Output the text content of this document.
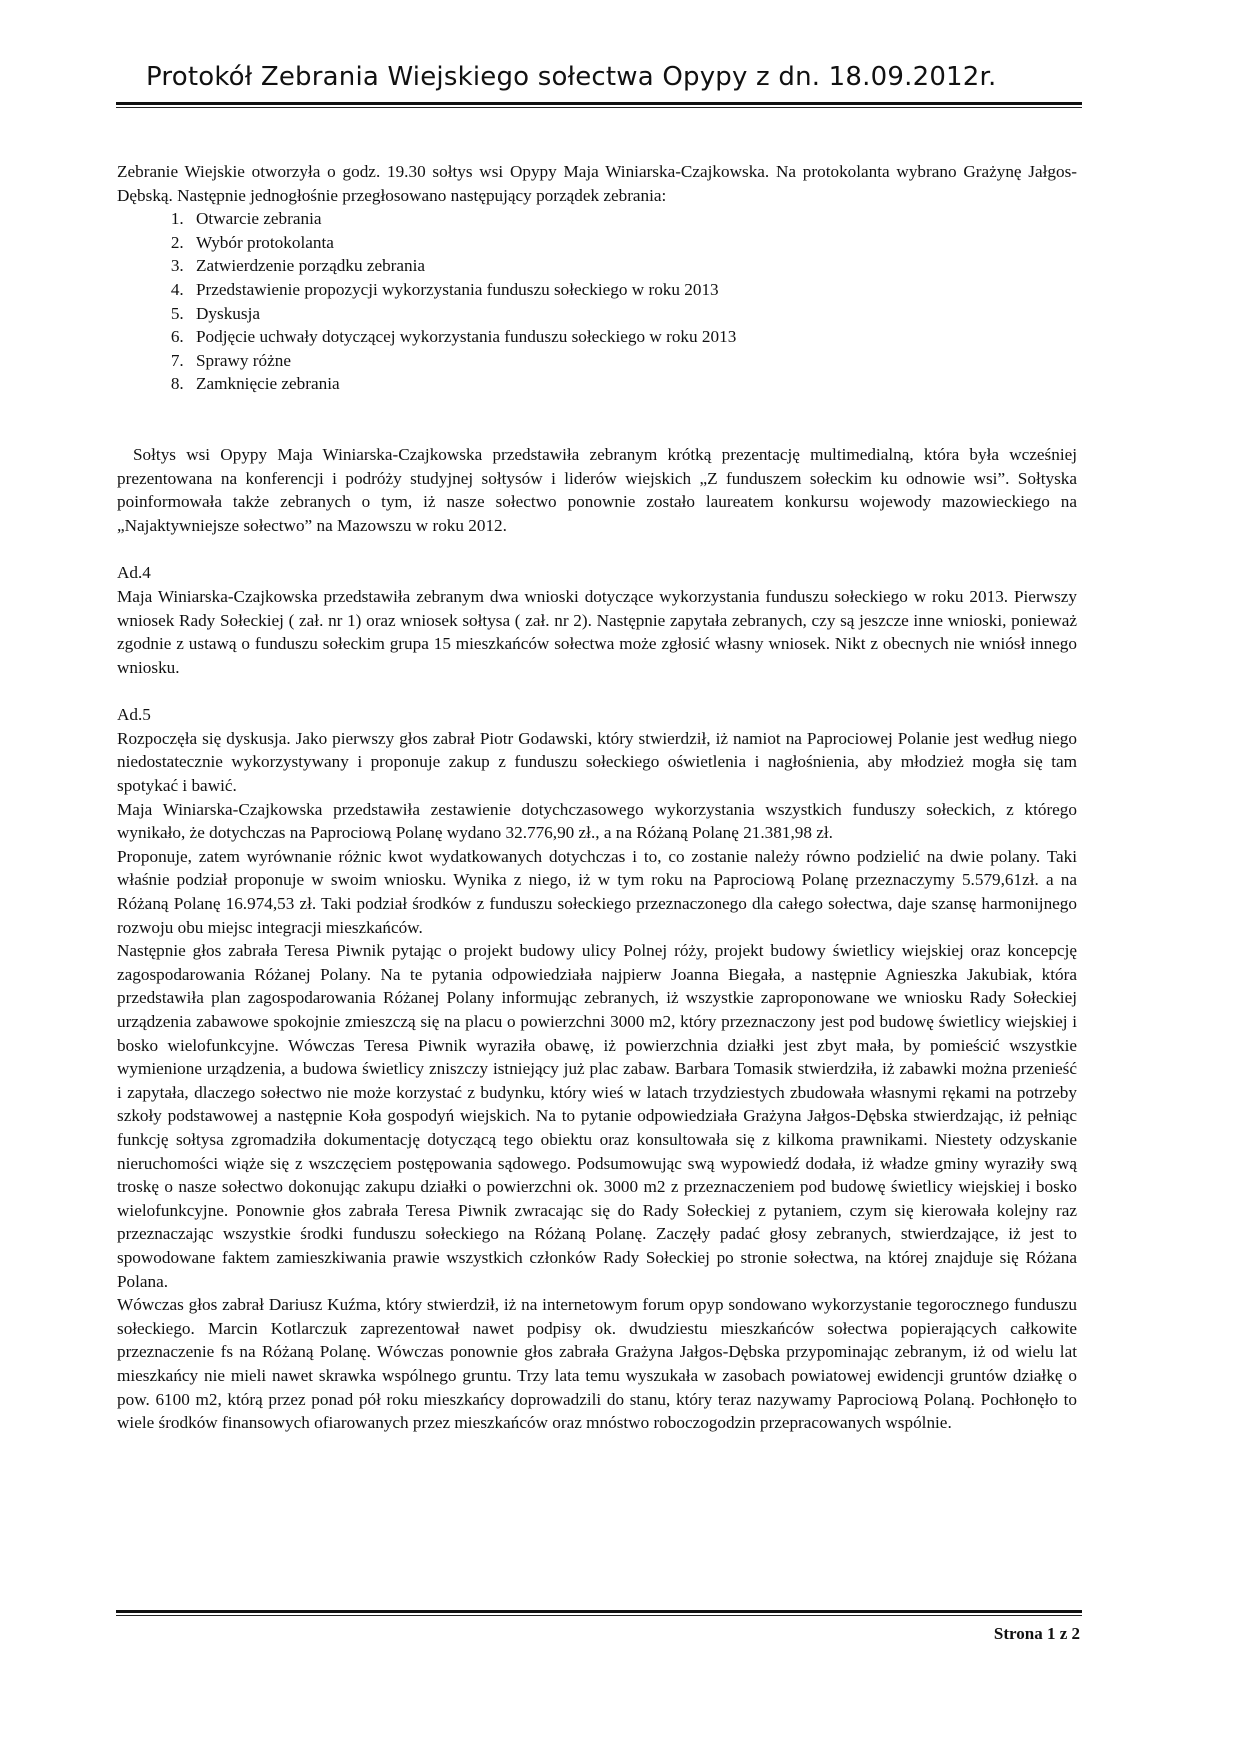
Protokół Zebrania Wiejskiego sołectwa Opypy z dn. 18.09.2012r.

Zebranie Wiejskie otworzyła o godz. 19.30 sołtys wsi Opypy Maja Winiarska-Czajkowska. Na protokolanta wybrano Grażynę Jałgos-Dębską. Następnie jednogłośnie przegłosowano następujący porządek zebrania:

1. Otwarcie zebrania
2. Wybór protokolanta
3. Zatwierdzenie porządku zebrania
4. Przedstawienie propozycji wykorzystania funduszu sołeckiego w roku 2013
5. Dyskusja
6. Podjęcie uchwały dotyczącej wykorzystania funduszu sołeckiego w roku 2013
7. Sprawy różne
8. Zamknięcie zebrania

Sołtys wsi Opypy Maja Winiarska-Czajkowska przedstawiła zebranym krótką prezentację multimedialną, która była wcześniej prezentowana na konferencji i podróży studyjnej sołtysów i liderów wiejskich „Z funduszem sołeckim ku odnowie wsi”. Sołtyska poinformowała także zebranych o tym, iż nasze sołectwo ponownie zostało laureatem konkursu wojewody mazowieckiego na „Najaktywniejsze sołectwo” na Mazowszu w roku 2012.

Ad.4

Maja Winiarska-Czajkowska przedstawiła zebranym dwa wnioski dotyczące wykorzystania funduszu sołeckiego w roku 2013. Pierwszy wniosek Rady Sołeckiej ( zał. nr 1) oraz wniosek sołtysa ( zał. nr 2). Następnie zapytała zebranych, czy są jeszcze inne wnioski, ponieważ zgodnie z ustawą o funduszu sołeckim grupa 15 mieszkańców sołectwa może zgłosić własny wniosek. Nikt z obecnych nie wniósł innego wniosku.

Ad.5

Rozpoczęła się dyskusja. Jako pierwszy głos zabrał Piotr Godawski, który stwierdził, iż namiot na Paprociowej Polanie jest według niego niedostatecznie wykorzystywany i proponuje zakup z funduszu sołeckiego oświetlenia i nagłośnienia, aby młodzież mogła się tam spotykać i bawić.

Maja Winiarska-Czajkowska przedstawiła zestawienie dotychczasowego wykorzystania wszystkich funduszy sołeckich, z którego wynikało, że dotychczas na Paprociową Polanę wydano 32.776,90 zł., a na Różaną Polanę 21.381,98 zł.

Proponuje, zatem wyrównanie różnic kwot wydatkowanych dotychczas i to, co zostanie należy równo podzielić na dwie polany. Taki właśnie podział proponuje w swoim wniosku. Wynika z niego, iż w tym roku na Paprociową Polanę przeznaczymy 5.579,61zł. a na Różaną Polanę 16.974,53 zł. Taki podział środków z funduszu sołeckiego przeznaczonego dla całego sołectwa, daje szansę harmonijnego rozwoju obu miejsc integracji mieszkańców.

Następnie głos zabrała Teresa Piwnik pytając o projekt budowy ulicy Polnej róży, projekt budowy świetlicy wiejskiej oraz koncepcję zagospodarowania Różanej Polany. Na te pytania odpowiedziała najpierw Joanna Biegała, a następnie Agnieszka Jakubiak, która przedstawiła plan zagospodarowania Różanej Polany informując zebranych, iż wszystkie zaproponowane we wniosku Rady Sołeckiej urządzenia zabawowe spokojnie zmieszczą się na placu o powierzchni 3000 m2, który przeznaczony jest pod budowę świetlicy wiejskiej i bosko wielofunkcyjne. Wówczas Teresa Piwnik wyraziła obawę, iż powierzchnia działki jest zbyt mała, by pomieścić wszystkie wymienione urządzenia, a budowa świetlicy zniszczy istniejący już plac zabaw. Barbara Tomasik stwierdziła, iż zabawki można przenieść i zapytała, dlaczego sołectwo nie może korzystać z budynku, który wieś w latach trzydziestych zbudowała własnymi rękami na potrzeby szkoły podstawowej a następnie Koła gospodyń wiejskich. Na to pytanie odpowiedziała Grażyna Jałgos-Dębska stwierdzając, iż pełniąc funkcję sołtysa zgromadziła dokumentację dotyczącą tego obiektu oraz konsultowała się z kilkoma prawnikami. Niestety odzyskanie nieruchomości wiąże się z wszczęciem postępowania sądowego. Podsumowując swą wypowiedź dodała, iż władze gminy wyraziły swą troskę o nasze sołectwo dokonując zakupu działki o powierzchni ok. 3000 m2 z przeznaczeniem pod budowę świetlicy wiejskiej i bosko wielofunkcyjne. Ponownie głos zabrała Teresa Piwnik zwracając się do Rady Sołeckiej z pytaniem, czym się kierowała kolejny raz przeznaczając wszystkie środki funduszu sołeckiego na Różaną Polanę. Zaczęły padać głosy zebranych, stwierdzające, iż jest to spowodowane faktem zamieszkiwania prawie wszystkich członków Rady Sołeckiej po stronie sołectwa, na której znajduje się Różana Polana.

Wówczas głos zabrał Dariusz Kuźma, który stwierdził, iż na internetowym forum opyp sondowano wykorzystanie tegorocznego funduszu sołeckiego. Marcin Kotlarczuk zaprezentował nawet podpisy ok. dwudziestu mieszkańców sołectwa popierających całkowite przeznaczenie fs na Różaną Polanę. Wówczas ponownie głos zabrała Grażyna Jałgos-Dębska przypominając zebranym, iż od wielu lat mieszkańcy nie mieli nawet skrawka wspólnego gruntu. Trzy lata temu wyszukała w zasobach powiatowej ewidencji gruntów działkę o pow. 6100 m2, którą przez ponad pół roku mieszkańcy doprowadzili do stanu, który teraz nazywamy Paprociową Polaną. Pochłonęło to wiele środków finansowych ofiarowanych przez mieszkańców oraz mnóstwo roboczogodzin przepracowanych wspólnie.

Strona 1 z 2
